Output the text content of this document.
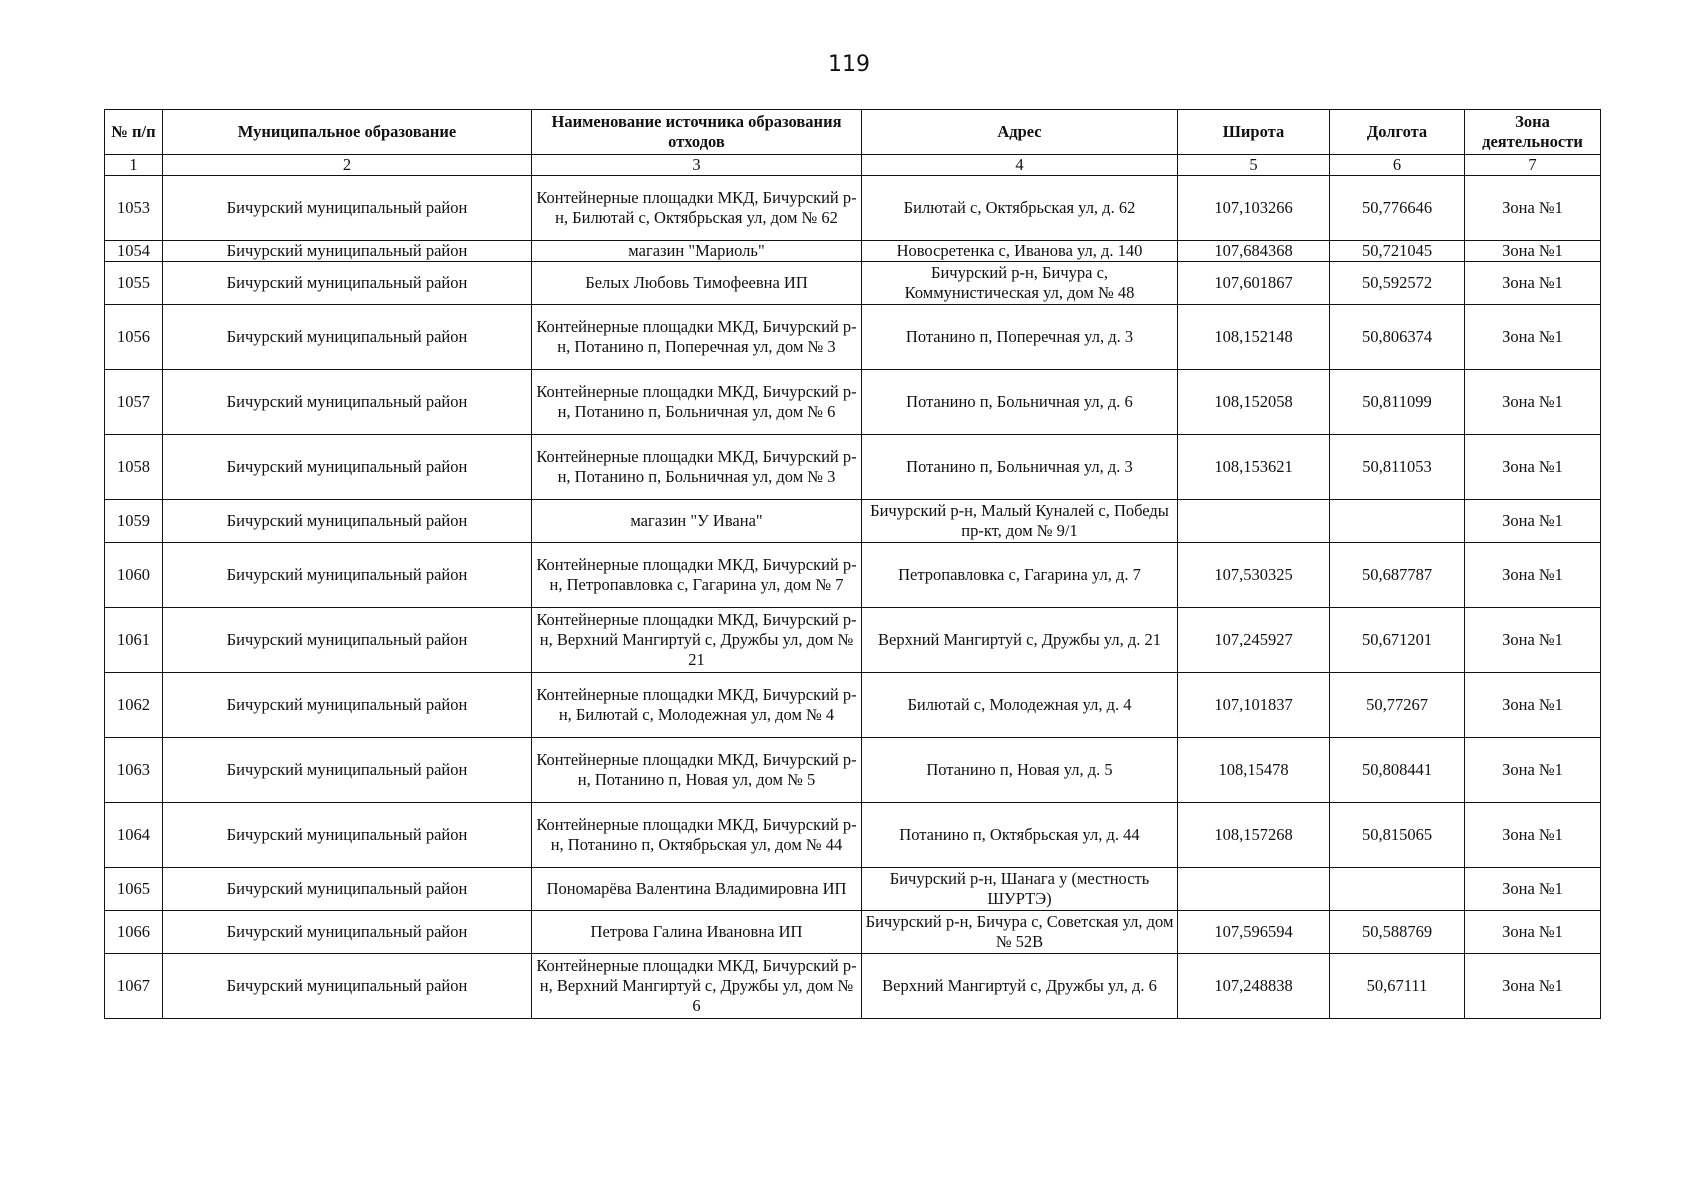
119
№ п/п	Муниципальное образование	Наименование источника образования отходов	Адрес	Широта	Долгота	Зона деятельности
1	2	3	4	5	6	7
1053	Бичурский муниципальный район	Контейнерные площадки МКД, Бичурский р-н, Билютай с, Октябрьская ул, дом № 62	Билютай с, Октябрьская ул, д. 62	107,103266	50,776646	Зона №1
1054	Бичурский муниципальный район	магазин "Мариоль"	Новосретенка с, Иванова ул, д. 140	107,684368	50,721045	Зона №1
1055	Бичурский муниципальный район	Белых Любовь Тимофеевна ИП	Бичурский р-н, Бичура с, Коммунистическая ул, дом № 48	107,601867	50,592572	Зона №1
1056	Бичурский муниципальный район	Контейнерные площадки МКД, Бичурский р-н, Потанино п, Поперечная ул, дом № 3	Потанино п, Поперечная ул, д. 3	108,152148	50,806374	Зона №1
1057	Бичурский муниципальный район	Контейнерные площадки МКД, Бичурский р-н, Потанино п, Больничная ул, дом № 6	Потанино п, Больничная ул, д. 6	108,152058	50,811099	Зона №1
1058	Бичурский муниципальный район	Контейнерные площадки МКД, Бичурский р-н, Потанино п, Больничная ул, дом № 3	Потанино п, Больничная ул, д. 3	108,153621	50,811053	Зона №1
1059	Бичурский муниципальный район	магазин "У Ивана"	Бичурский р-н, Малый Куналей с, Победы пр-кт, дом № 9/1			Зона №1
1060	Бичурский муниципальный район	Контейнерные площадки МКД, Бичурский р-н, Петропавловка с, Гагарина ул, дом № 7	Петропавловка с, Гагарина ул, д. 7	107,530325	50,687787	Зона №1
1061	Бичурский муниципальный район	Контейнерные площадки МКД, Бичурский р-н, Верхний Мангиртуй с, Дружбы ул, дом № 21	Верхний Мангиртуй с, Дружбы ул, д. 21	107,245927	50,671201	Зона №1
1062	Бичурский муниципальный район	Контейнерные площадки МКД, Бичурский р-н, Билютай с, Молодежная ул, дом № 4	Билютай с, Молодежная ул, д. 4	107,101837	50,77267	Зона №1
1063	Бичурский муниципальный район	Контейнерные площадки МКД, Бичурский р-н, Потанино п, Новая ул, дом № 5	Потанино п, Новая ул, д. 5	108,15478	50,808441	Зона №1
1064	Бичурский муниципальный район	Контейнерные площадки МКД, Бичурский р-н, Потанино п, Октябрьская ул, дом № 44	Потанино п, Октябрьская ул, д. 44	108,157268	50,815065	Зона №1
1065	Бичурский муниципальный район	Пономарёва Валентина Владимировна ИП	Бичурский р-н, Шанага у (местность ШУРТЭ)			Зона №1
1066	Бичурский муниципальный район	Петрова Галина Ивановна ИП	Бичурский р-н, Бичура с, Советская ул, дом № 52В	107,596594	50,588769	Зона №1
1067	Бичурский муниципальный район	Контейнерные площадки МКД, Бичурский р-н, Верхний Мангиртуй с, Дружбы ул, дом № 6	Верхний Мангиртуй с, Дружбы ул, д. 6	107,248838	50,67111	Зона №1
